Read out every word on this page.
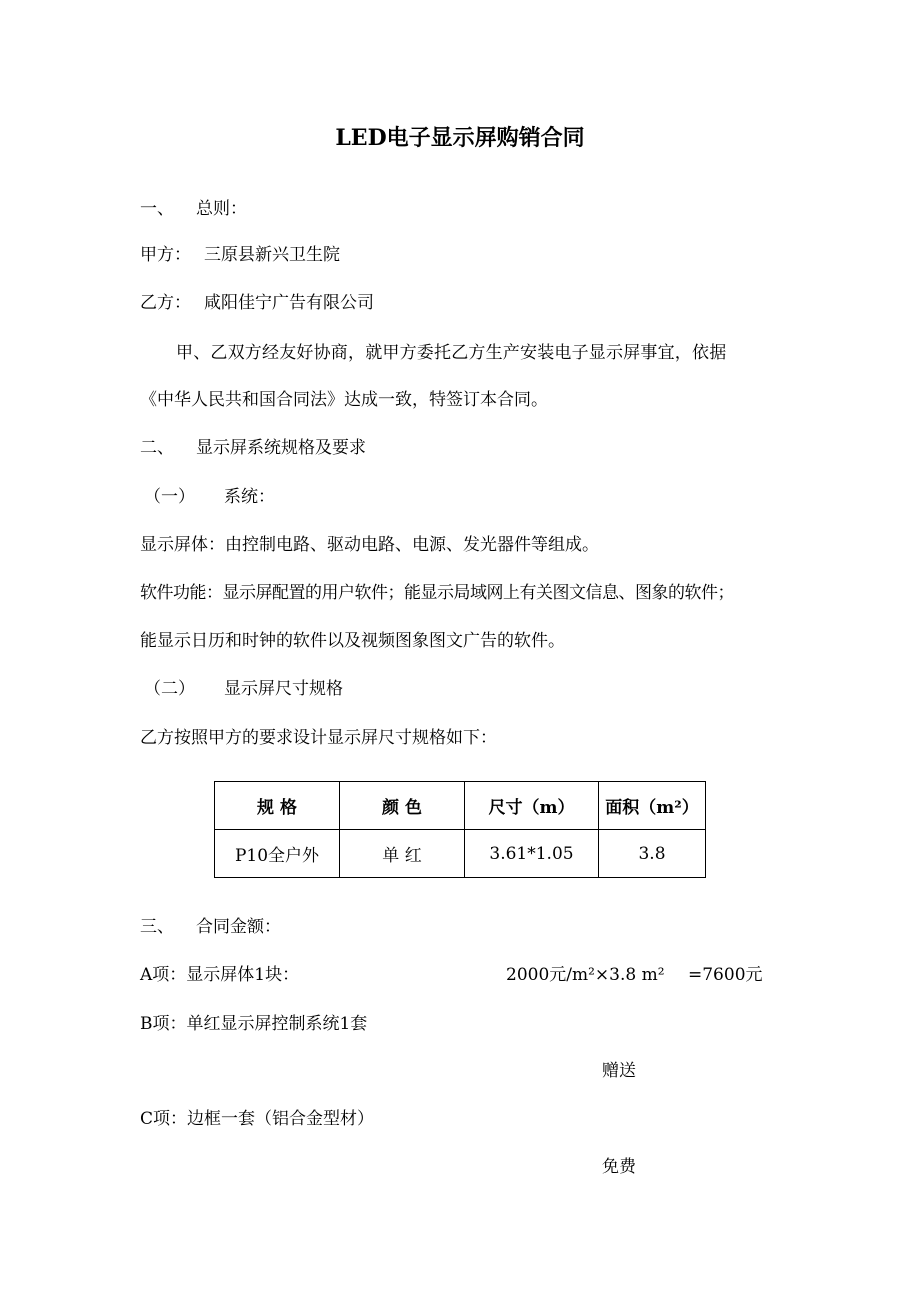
LED电子显示屏购销合同
一、 总则：
甲方： 三原县新兴卫生院
乙方： 咸阳佳宁广告有限公司
甲、乙双方经友好协商，就甲方委托乙方生产安装电子显示屏事宜，依据
《中华人民共和国合同法》达成一致，特签订本合同。
二、 显示屏系统规格及要求
（一） 系统：
显示屏体：由控制电路、驱动电路、电源、发光器件等组成。
软件功能：显示屏配置的用户软件；能显示局域网上有关图文信息、图象的软件；
能显示日历和时钟的软件以及视频图象图文广告的软件。
（二） 显示屏尺寸规格
乙方按照甲方的要求设计显示屏尺寸规格如下：
规 格	颜 色	尺寸（m）	面积（m²）
P10全户外	单 红	3.61*1.05	3.8
三、 合同金额：
A项：显示屏体1块：	2000元/m²×3.8 m² =7600元
B项：单红显示屏控制系统1套
赠送
C项：边框一套（铝合金型材）
免费
